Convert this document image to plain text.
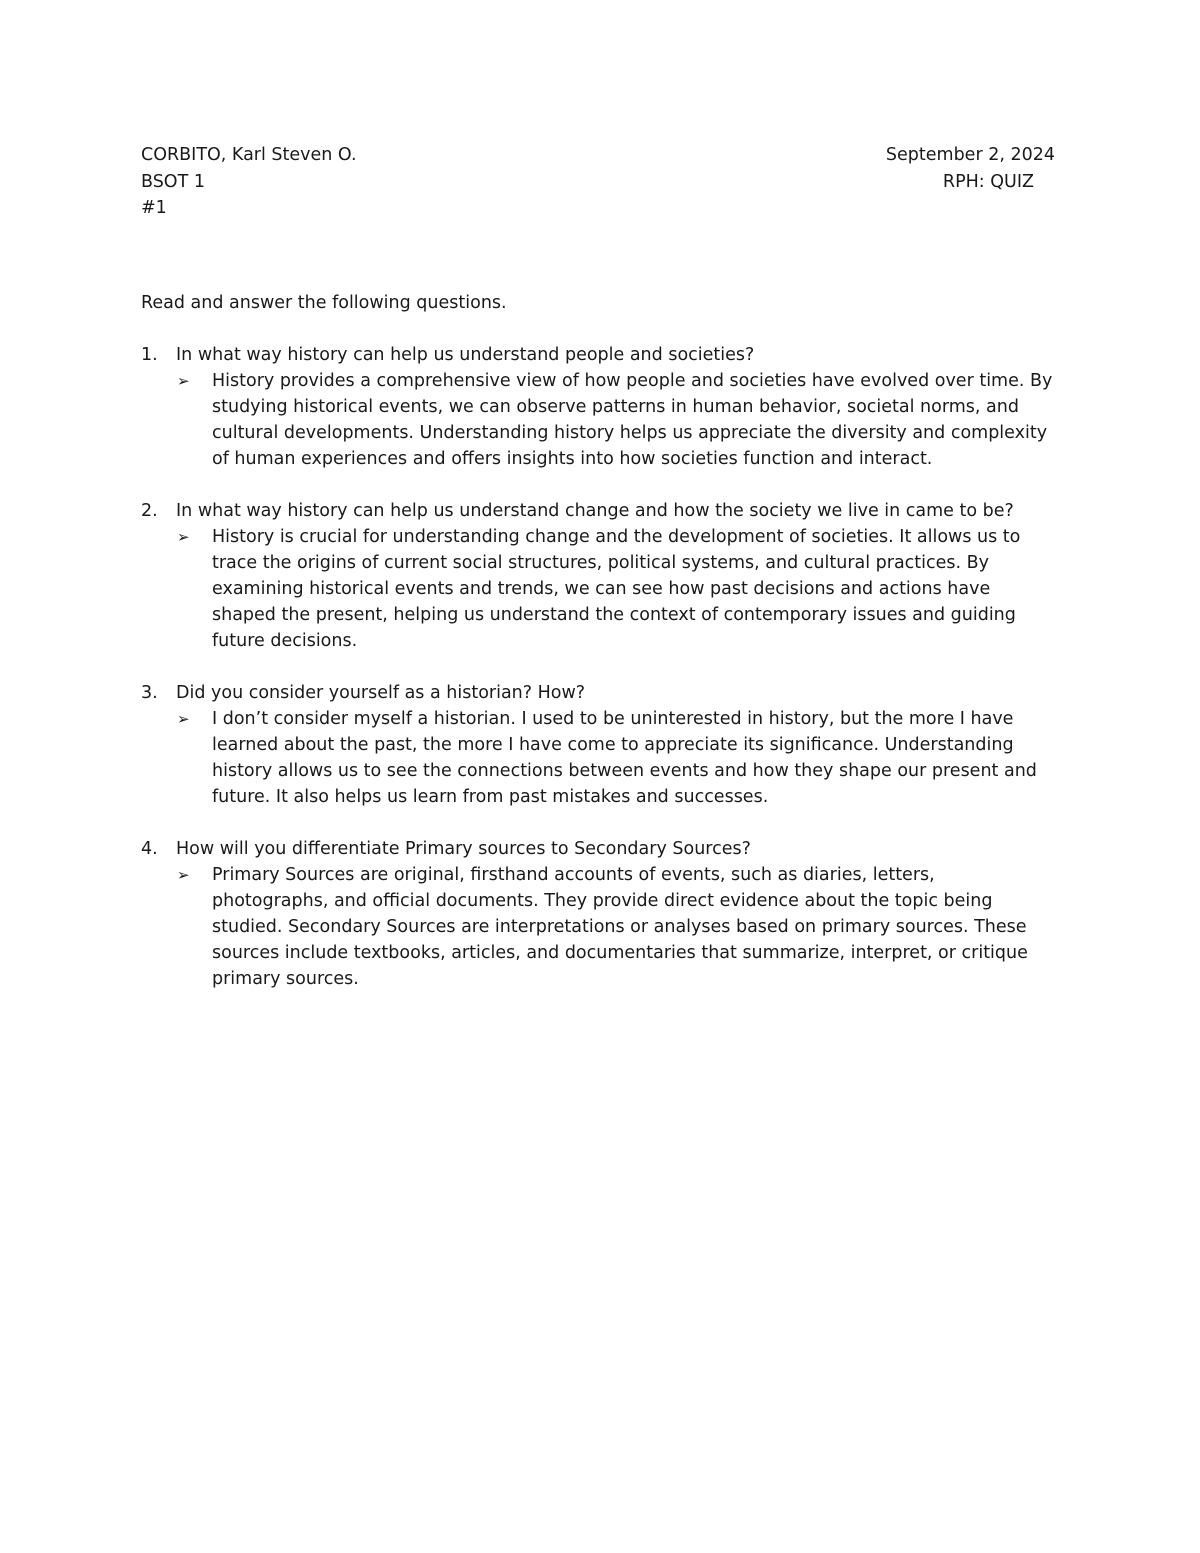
CORBITO, Karl Steven O.	September 2, 2024
BSOT 1	RPH: QUIZ
#1
Read and answer the following questions.
1. In what way history can help us understand people and societies?
➢ History provides a comprehensive view of how people and societies have evolved over time. By studying historical events, we can observe patterns in human behavior, societal norms, and cultural developments. Understanding history helps us appreciate the diversity and complexity of human experiences and offers insights into how societies function and interact.
2. In what way history can help us understand change and how the society we live in came to be?
➢ History is crucial for understanding change and the development of societies. It allows us to trace the origins of current social structures, political systems, and cultural practices. By examining historical events and trends, we can see how past decisions and actions have shaped the present, helping us understand the context of contemporary issues and guiding future decisions.
3. Did you consider yourself as a historian? How?
➢ I don’t consider myself a historian. I used to be uninterested in history, but the more I have learned about the past, the more I have come to appreciate its significance. Understanding history allows us to see the connections between events and how they shape our present and future. It also helps us learn from past mistakes and successes.
4. How will you differentiate Primary sources to Secondary Sources?
➢ Primary Sources are original, firsthand accounts of events, such as diaries, letters, photographs, and official documents. They provide direct evidence about the topic being studied. Secondary Sources are interpretations or analyses based on primary sources. These sources include textbooks, articles, and documentaries that summarize, interpret, or critique primary sources.
